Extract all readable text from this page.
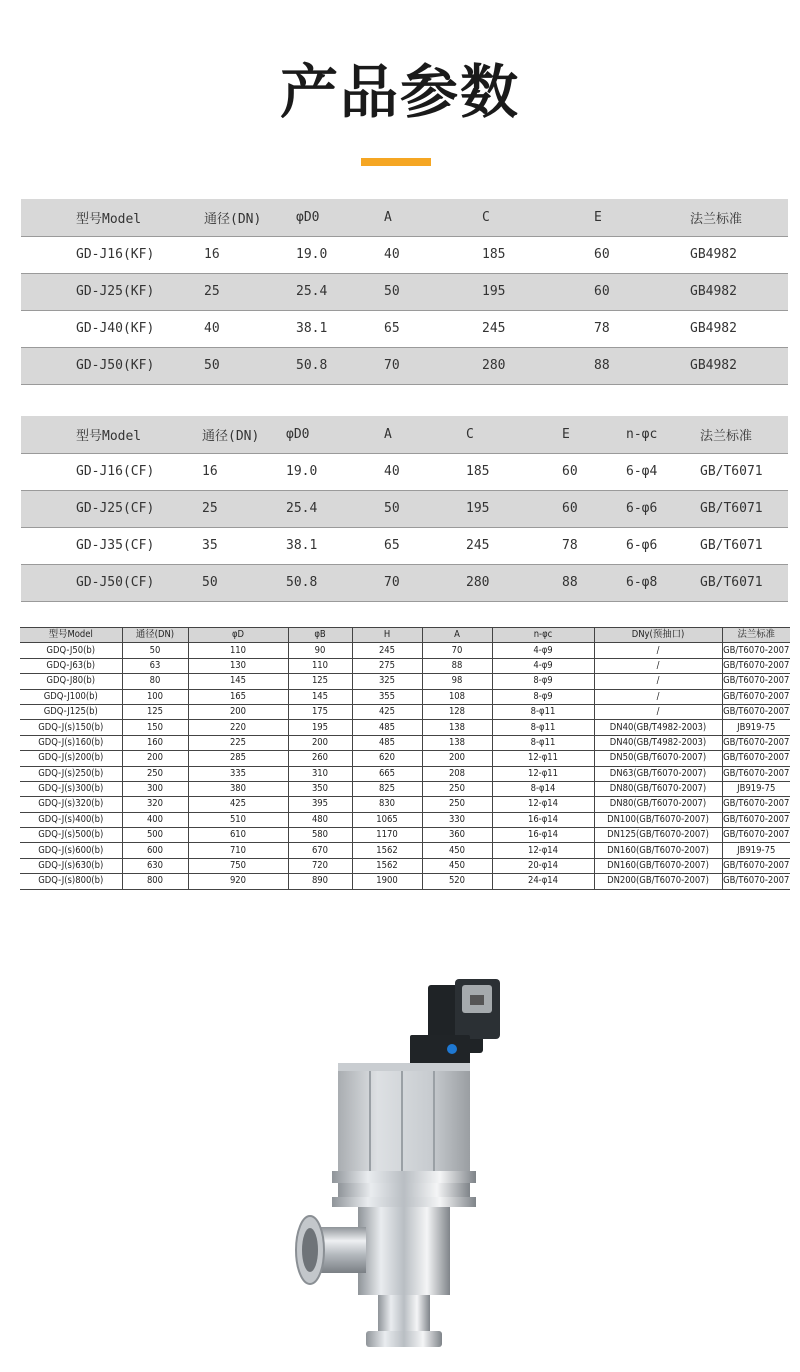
产品参数
型号Model	通径(DN)	φD0	A	C	E	法兰标准
GD-J16(KF)	16	19.0	40	185	60	GB4982
GD-J25(KF)	25	25.4	50	195	60	GB4982
GD-J40(KF)	40	38.1	65	245	78	GB4982
GD-J50(KF)	50	50.8	70	280	88	GB4982
型号Model	通径(DN)	φD0	A	C	E	n-φc	法兰标准
GD-J16(CF)	16	19.0	40	185	60	6-φ4	GB/T6071
GD-J25(CF)	25	25.4	50	195	60	6-φ6	GB/T6071
GD-J35(CF)	35	38.1	65	245	78	6-φ6	GB/T6071
GD-J50(CF)	50	50.8	70	280	88	6-φ8	GB/T6071
型号Model	通径(DN)	φD	φB	H	A	n-φc	DNy(预抽口)	法兰标准
GDQ-J50(b)	50	110	90	245	70	4-φ9	/	GB/T6070-2007
GDQ-J63(b)	63	130	110	275	88	4-φ9	/	GB/T6070-2007
GDQ-J80(b)	80	145	125	325	98	8-φ9	/	GB/T6070-2007
GDQ-J100(b)	100	165	145	355	108	8-φ9	/	GB/T6070-2007
GDQ-J125(b)	125	200	175	425	128	8-φ11	/	GB/T6070-2007
GDQ-J(s)150(b)	150	220	195	485	138	8-φ11	DN40(GB/T4982-2003)	JB919-75
GDQ-J(s)160(b)	160	225	200	485	138	8-φ11	DN40(GB/T4982-2003)	GB/T6070-2007
GDQ-J(s)200(b)	200	285	260	620	200	12-φ11	DN50(GB/T6070-2007)	GB/T6070-2007
GDQ-J(s)250(b)	250	335	310	665	208	12-φ11	DN63(GB/T6070-2007)	GB/T6070-2007
GDQ-J(s)300(b)	300	380	350	825	250	8-φ14	DN80(GB/T6070-2007)	JB919-75
GDQ-J(s)320(b)	320	425	395	830	250	12-φ14	DN80(GB/T6070-2007)	GB/T6070-2007
GDQ-J(s)400(b)	400	510	480	1065	330	16-φ14	DN100(GB/T6070-2007)	GB/T6070-2007
GDQ-J(s)500(b)	500	610	580	1170	360	16-φ14	DN125(GB/T6070-2007)	GB/T6070-2007
GDQ-J(s)600(b)	600	710	670	1562	450	12-φ14	DN160(GB/T6070-2007)	JB919-75
GDQ-J(s)630(b)	630	750	720	1562	450	20-φ14	DN160(GB/T6070-2007)	GB/T6070-2007
GDQ-J(s)800(b)	800	920	890	1900	520	24-φ14	DN200(GB/T6070-2007)	GB/T6070-2007
